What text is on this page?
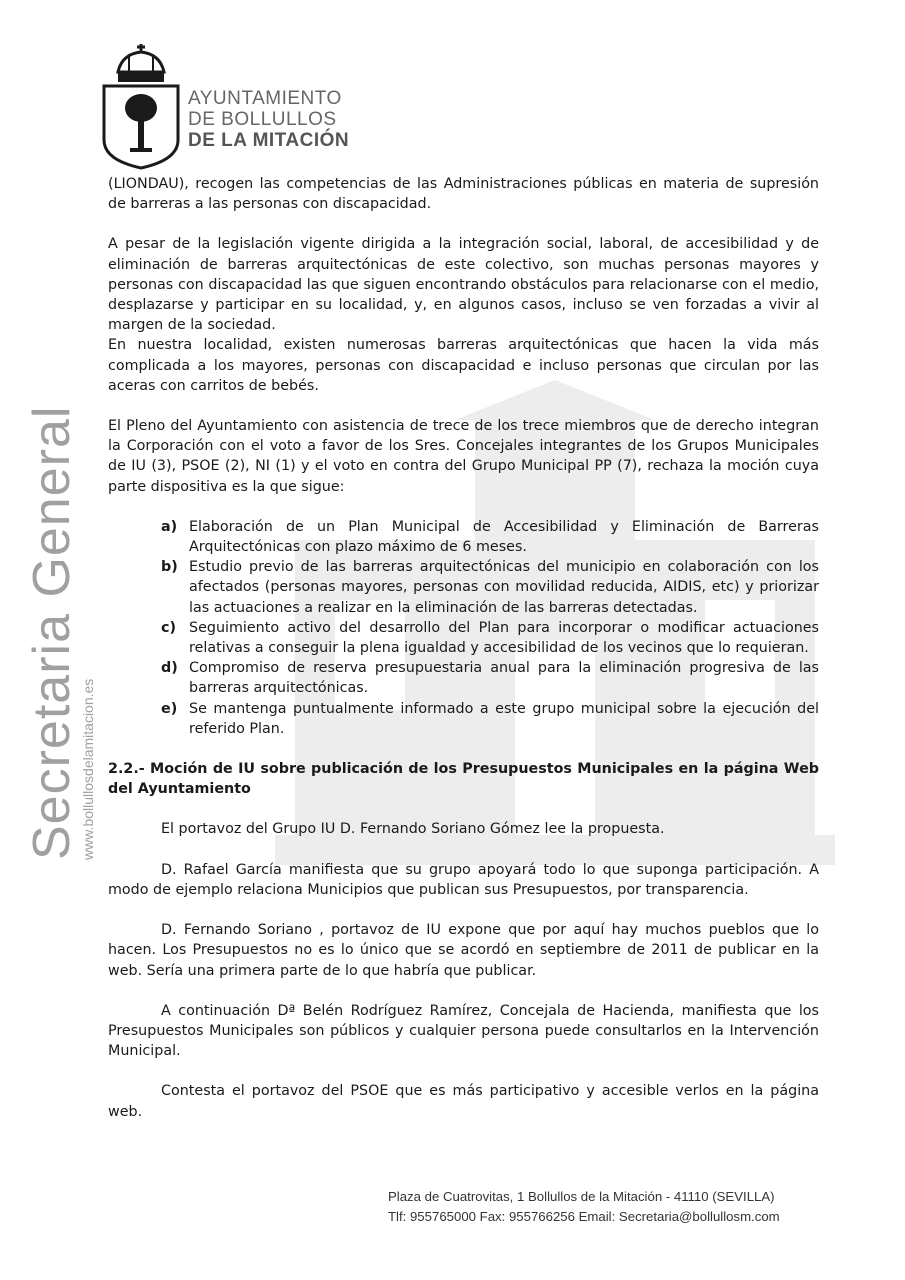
Secretaria General www.bollullosdelamitacion.es
AYUNTAMIENTO
DE BOLLULLOS
DE LA MITACIÓN
(LIONDAU), recogen las competencias de las Administraciones públicas en materia de supresión de barreras a las personas con discapacidad.
A pesar de la legislación vigente dirigida a la integración social, laboral, de accesibilidad y de eliminación de barreras arquitectónicas de este colectivo, son muchas personas mayores y personas con discapacidad las que siguen encontrando obstáculos para relacionarse con el medio, desplazarse y participar en su localidad, y, en algunos casos, incluso se ven forzadas a vivir al margen de la sociedad.
En nuestra localidad, existen numerosas barreras arquitectónicas que hacen la vida más complicada a los mayores, personas con discapacidad e incluso personas que circulan por las aceras con carritos de bebés.
El Pleno del Ayuntamiento con asistencia de trece de los trece miembros que de derecho integran la Corporación con el voto a favor de los Sres. Concejales integrantes de los Grupos Municipales de IU (3), PSOE (2), NI (1) y el voto en contra del Grupo Municipal PP (7), rechaza la moción cuya parte dispositiva es la que sigue:
a) Elaboración de un Plan Municipal de Accesibilidad y Eliminación de Barreras Arquitectónicas con plazo máximo de 6 meses.
b) Estudio previo de las barreras arquitectónicas del municipio en colaboración con los afectados (personas mayores, personas con movilidad reducida, AIDIS, etc) y priorizar las actuaciones a realizar en la eliminación de las barreras detectadas.
c) Seguimiento activo del desarrollo del Plan para incorporar o modificar actuaciones relativas a conseguir la plena igualdad y accesibilidad de los vecinos que lo requieran.
d) Compromiso de reserva presupuestaria anual para la eliminación progresiva de las barreras arquitectónicas.
e) Se mantenga puntualmente informado a este grupo municipal sobre la ejecución del referido Plan.
2.2.- Moción de IU sobre publicación de los Presupuestos Municipales en la página Web del Ayuntamiento
El portavoz del Grupo IU D. Fernando Soriano Gómez lee la propuesta.
D. Rafael García manifiesta que su grupo apoyará todo lo que suponga participación. A modo de ejemplo relaciona Municipios que publican sus Presupuestos, por transparencia.
D. Fernando Soriano , portavoz de IU expone que por aquí hay muchos pueblos que lo hacen. Los Presupuestos no es lo único que se acordó en septiembre de 2011 de publicar en la web. Sería una primera parte de lo que habría que publicar.
A continuación Dª Belén Rodríguez Ramírez, Concejala de Hacienda, manifiesta que los Presupuestos Municipales son públicos y cualquier persona puede consultarlos en la Intervención Municipal.
Contesta el portavoz del PSOE que es más participativo y accesible verlos en la página web.
Plaza de Cuatrovitas, 1 Bollullos de la Mitación - 41110 (SEVILLA)
Tlf: 955765000 Fax: 955766256 Email: Secretaria@bollullosm.com
